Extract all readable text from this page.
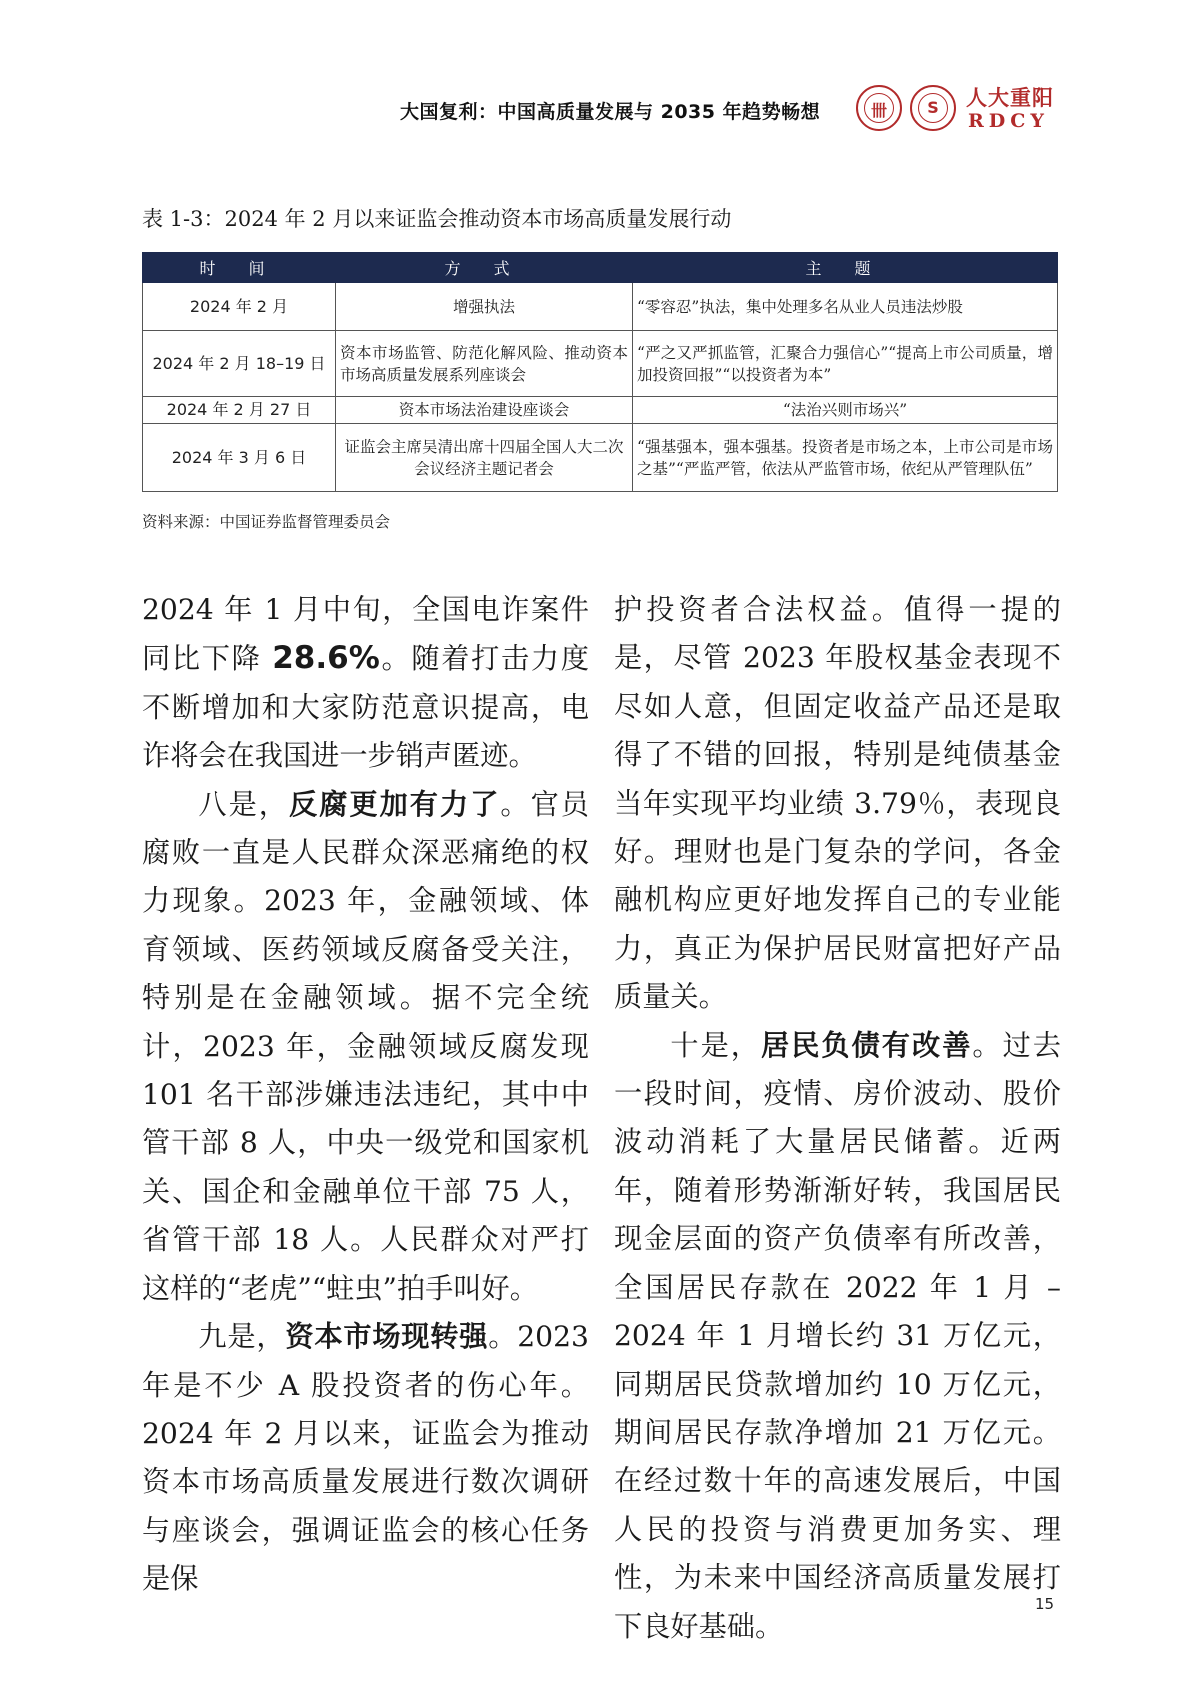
大国复利：中国高质量发展与 2035 年趋势畅想	卌	S	人大重阳
RDCY
表 1-3：2024 年 2 月以来证监会推动资本市场高质量发展行动
时 间	方 式	主 题
2024 年 2 月	增强执法	“零容忍”执法，集中处理多名从业人员违法炒股
2024 年 2 月 18–19 日	资本市场监管、防范化解风险、推动资本市场高质量发展系列座谈会	“严之又严抓监管，汇聚合力强信心”“提高上市公司质量，增加投资回报”“以投资者为本”
2024 年 2 月 27 日	资本市场法治建设座谈会	“法治兴则市场兴”
2024 年 3 月 6 日	证监会主席吴清出席十四届全国人大二次会议经济主题记者会	“强基强本，强本强基。投资者是市场之本，上市公司是市场之基”“严监严管，依法从严监管市场，依纪从严管理队伍”
资料来源：中国证券监督管理委员会

2024 年 1 月中旬，全国电诈案件同比下降 28.6%。随着打击力度不断增加和大家防范意识提高，电诈将会在我国进一步销声匿迹。

八是，反腐更加有力了。官员腐败一直是人民群众深恶痛绝的权力现象。2023 年，金融领域、体育领域、医药领域反腐备受关注，特别是在金融领域。据不完全统计，2023 年，金融领域反腐发现 101 名干部涉嫌违法违纪，其中中管干部 8 人，中央一级党和国家机关、国企和金融单位干部 75 人，省管干部 18 人。人民群众对严打这样的“老虎”“蛀虫”拍手叫好。

九是，资本市场现转强。2023 年是不少 A 股投资者的伤心年。2024 年 2 月以来，证监会为推动资本市场高质量发展进行数次调研与座谈会，强调证监会的核心任务是保

护投资者合法权益。值得一提的是，尽管 2023 年股权基金表现不尽如人意，但固定收益产品还是取得了不错的回报，特别是纯债基金当年实现平均业绩 3.79％，表现良好。理财也是门复杂的学问，各金融机构应更好地发挥自己的专业能力，真正为保护居民财富把好产品质量关。

十是，居民负债有改善。过去一段时间，疫情、房价波动、股价波动消耗了大量居民储蓄。近两年，随着形势渐渐好转，我国居民现金层面的资产负债率有所改善，全国居民存款在 2022 年 1 月 –2024 年 1 月增长约 31 万亿元，同期居民贷款增加约 10 万亿元，期间居民存款净增加 21 万亿元。在经过数十年的高速发展后，中国人民的投资与消费更加务实、理性，为未来中国经济高质量发展打下良好基础。

15
